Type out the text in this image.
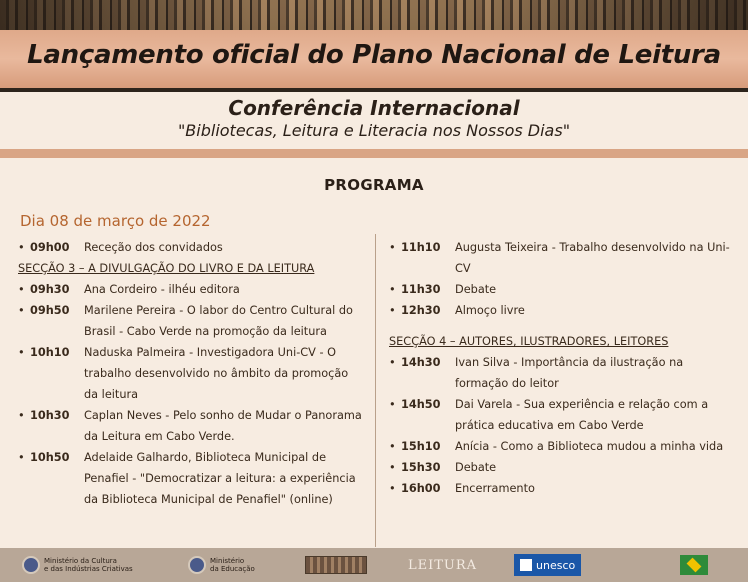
Lançamento oficial do Plano Nacional de Leitura
Conferência Internacional
"Bibliotecas, Leitura e Literacia nos Nossos Dias"
PROGRAMA
Dia 08 de março de 2022
• 09h00	Receção dos convidados
SECÇÃO 3 – A DIVULGAÇÃO DO LIVRO E DA LEITURA
• 09h30	Ana Cordeiro - ilhéu editora
• 09h50	Marilene Pereira - O labor do Centro Cultural do Brasil - Cabo Verde na promoção da leitura
• 10h10	Naduska Palmeira - Investigadora Uni-CV - O trabalho desenvolvido no âmbito da promoção da leitura
• 10h30	Caplan Neves - Pelo sonho de Mudar o Panorama da Leitura em Cabo Verde.
• 10h50	Adelaide Galhardo, Biblioteca Municipal de Penafiel - "Democratizar a leitura: a experiência da Biblioteca Municipal de Penafiel" (online)
• 11h10	Augusta Teixeira - Trabalho desenvolvido na Uni-CV
• 11h30	Debate
• 12h30	Almoço livre
SECÇÃO 4 – AUTORES, ILUSTRADORES, LEITORES
• 14h30	Ivan Silva - Importância da ilustração na formação do leitor
• 14h50	Dai Varela - Sua experiência e relação com a prática educativa em Cabo Verde
• 15h10	Anícia - Como a Biblioteca mudou a minha vida
• 15h30	Debate
• 16h00	Encerramento
Ministério da Cultura
e das Indústrias Criativas
Ministério
da Educação	LEITURA	unesco
